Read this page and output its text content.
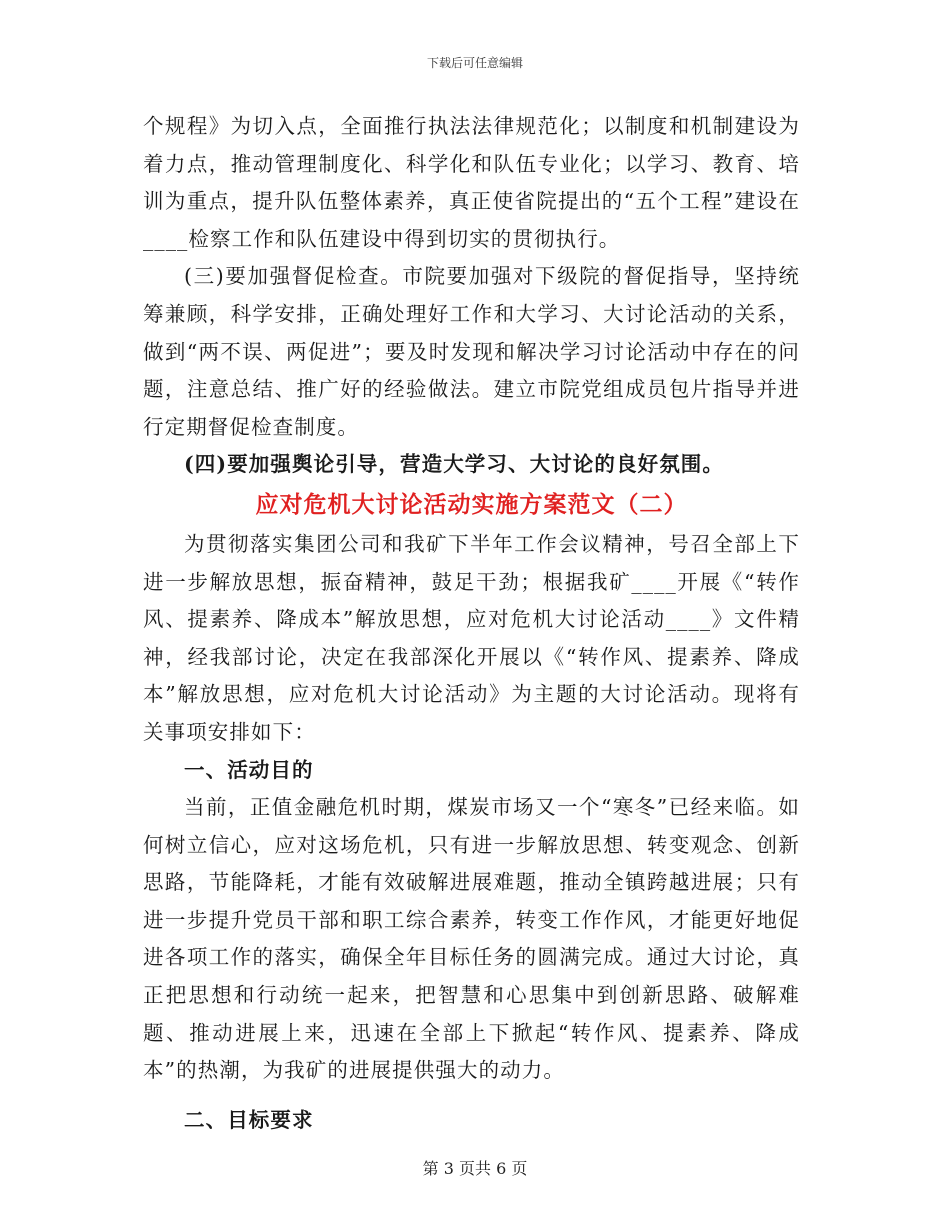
下载后可任意编辑

个规程》为切入点，全面推行执法法律规范化；以制度和机制建设为着力点，推动管理制度化、科学化和队伍专业化；以学习、教育、培训为重点，提升队伍整体素养，真正使省院提出的“五个工程”建设在____检察工作和队伍建设中得到切实的贯彻执行。

(三)要加强督促检查。市院要加强对下级院的督促指导，坚持统筹兼顾，科学安排，正确处理好工作和大学习、大讨论活动的关系，做到“两不误、两促进”；要及时发现和解决学习讨论活动中存在的问题，注意总结、推广好的经验做法。建立市院党组成员包片指导并进行定期督促检查制度。

(四)要加强舆论引导，营造大学习、大讨论的良好氛围。

应对危机大讨论活动实施方案范文（二）

为贯彻落实集团公司和我矿下半年工作会议精神，号召全部上下进一步解放思想，振奋精神，鼓足干劲；根据我矿____开展《“转作风、提素养、降成本”解放思想，应对危机大讨论活动____》文件精神，经我部讨论，决定在我部深化开展以《“转作风、提素养、降成本”解放思想，应对危机大讨论活动》为主题的大讨论活动。现将有关事项安排如下：

一、活动目的

当前，正值金融危机时期，煤炭市场又一个“寒冬”已经来临。如何树立信心，应对这场危机，只有进一步解放思想、转变观念、创新思路，节能降耗，才能有效破解进展难题，推动全镇跨越进展；只有进一步提升党员干部和职工综合素养，转变工作作风，才能更好地促进各项工作的落实，确保全年目标任务的圆满完成。通过大讨论，真正把思想和行动统一起来，把智慧和心思集中到创新思路、破解难题、推动进展上来，迅速在全部上下掀起“转作风、提素养、降成本”的热潮，为我矿的进展提供强大的动力。

二、目标要求

第 3 页共 6 页
